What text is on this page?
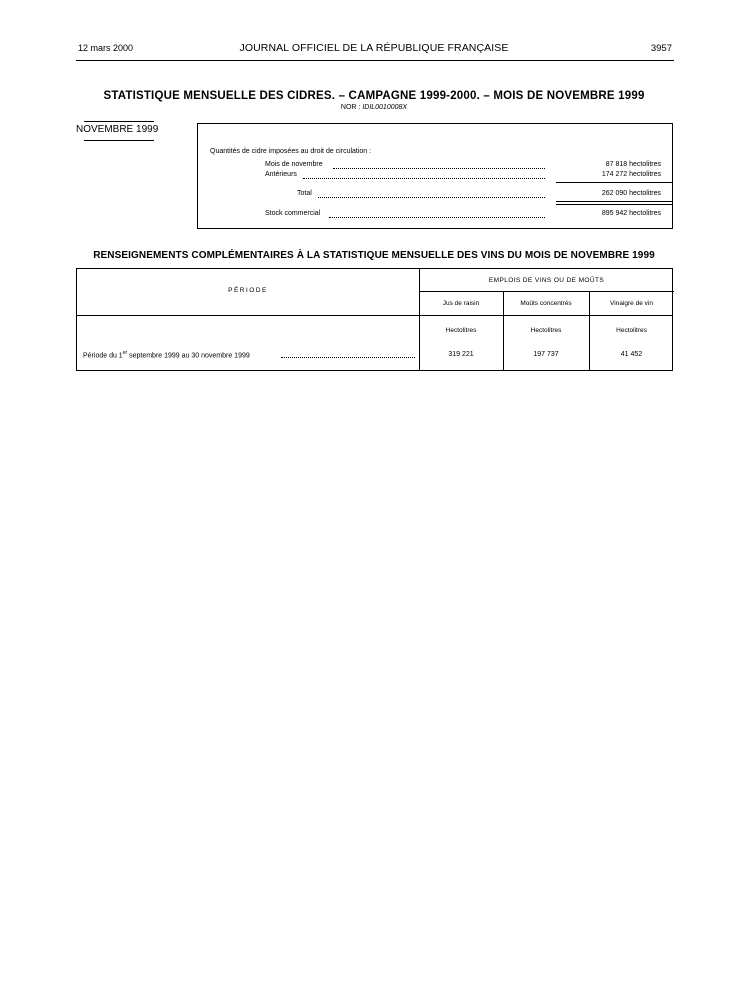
12 mars 2000	JOURNAL OFFICIEL DE LA RÉPUBLIQUE FRANÇAISE	3957
STATISTIQUE MENSUELLE DES CIDRES. – CAMPAGNE 1999-2000. – MOIS DE NOVEMBRE 1999
NOR : IDIL0010008X
NOVEMBRE 1999
Quantités de cidre imposées au droit de circulation :
Mois de novembre	87 818 hectolitres
Antérieurs	174 272 hectolitres
Total	262 090 hectolitres
Stock commercial	895 942 hectolitres
RENSEIGNEMENTS COMPLÉMENTAIRES À LA STATISTIQUE MENSUELLE DES VINS DU MOIS DE NOVEMBRE 1999
PÉRIODE
EMPLOIS DE VINS OU DE MOÛTS
Jus de raisin	Moûts concentrés	Vinaigre de vin
Hectolitres	Hectolitres	Hectolitres
Période du 1er septembre 1999 au 30 novembre 1999	319 221	197 737	41 452
